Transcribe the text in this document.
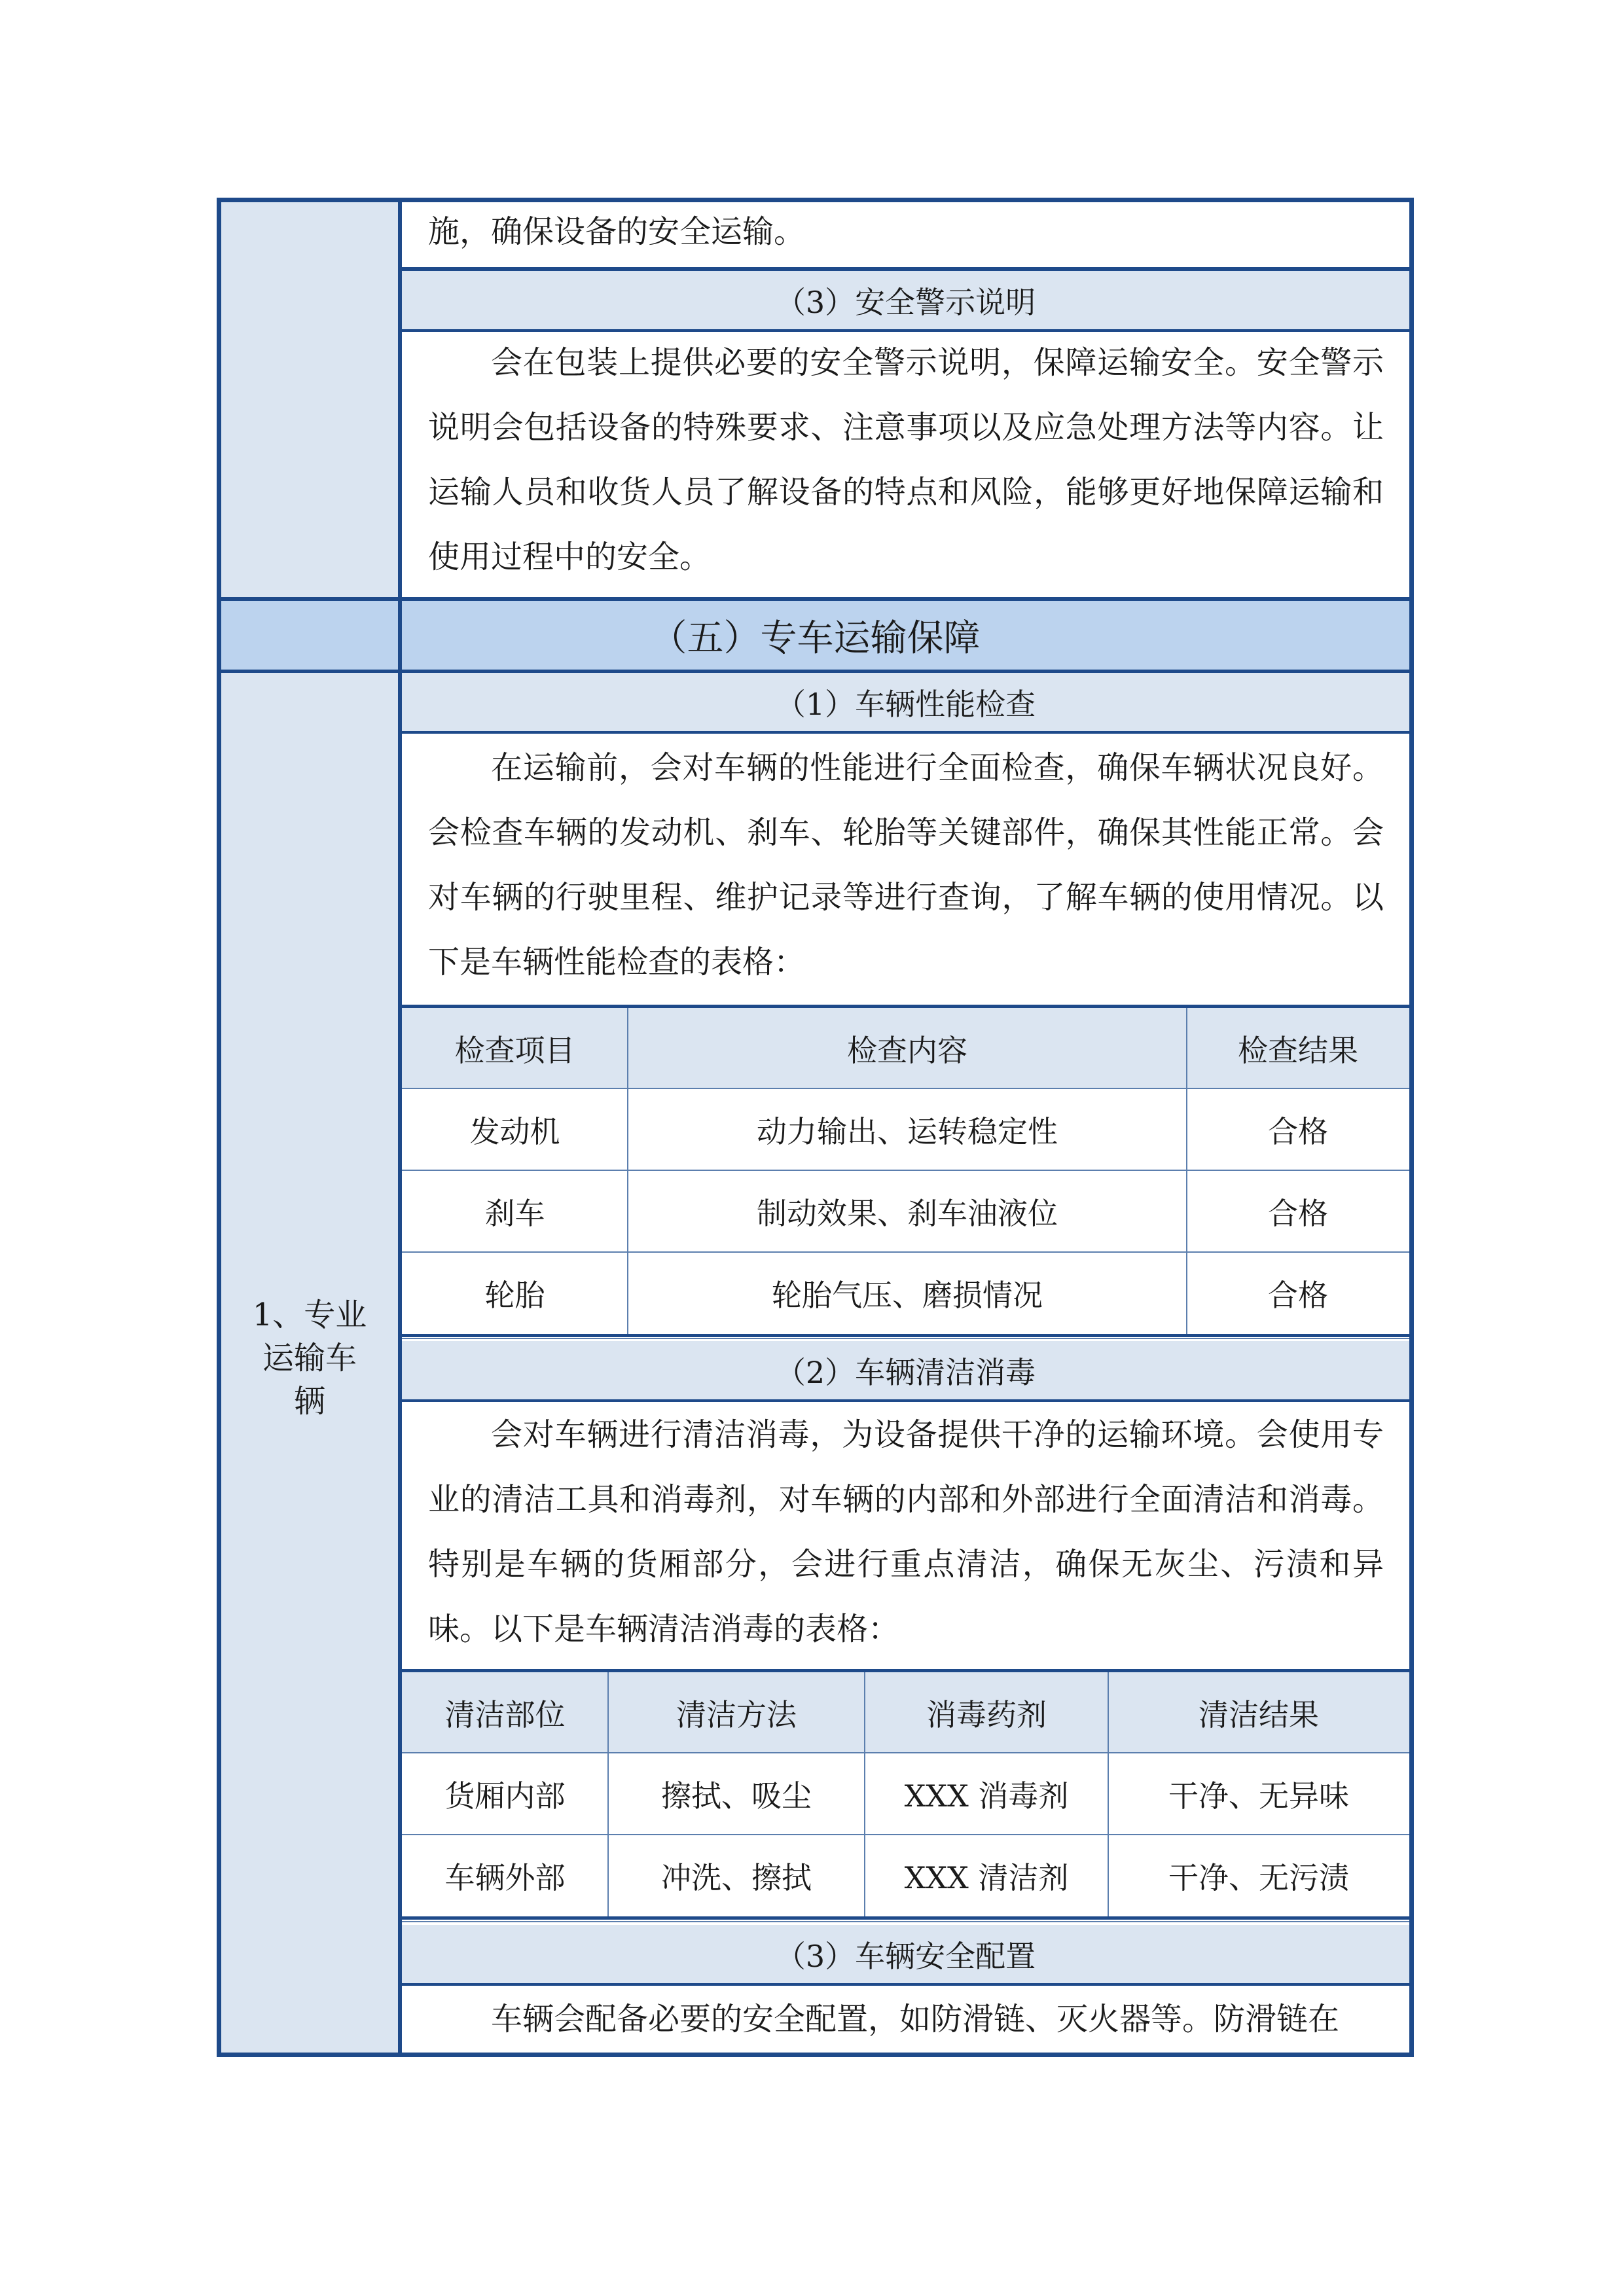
（3）安全警示说明
（五）专车运输保障
（1）车辆性能检查
（2）车辆清洁消毒
（3）车辆安全配置
施，确保设备的安全运输。
会在包装上提供必要的安全警示说明，保障运输安全。安全警示说明会包括设备的特殊要求、注意事项以及应急处理方法等内容。让运输人员和收货人员了解设备的特点和风险，能够更好地保障运输和使用过程中的安全。
在运输前，会对车辆的性能进行全面检查，确保车辆状况良好。会检查车辆的发动机、刹车、轮胎等关键部件，确保其性能正常。会对车辆的行驶里程、维护记录等进行查询，了解车辆的使用情况。以下是车辆性能检查的表格：
会对车辆进行清洁消毒，为设备提供干净的运输环境。会使用专业的清洁工具和消毒剂，对车辆的内部和外部进行全面清洁和消毒。特别是车辆的货厢部分，会进行重点清洁，确保无灰尘、污渍和异味。以下是车辆清洁消毒的表格：
车辆会配备必要的安全配置，如防滑链、灭火器等。防滑链在
1、专业
运输车
辆
检查项目	检查内容	检查结果
发动机	动力输出、运转稳定性	合格
刹车	制动效果、刹车油液位	合格
轮胎	轮胎气压、磨损情况	合格
清洁部位	清洁方法	消毒药剂	清洁结果
货厢内部	擦拭、吸尘	XXX 消毒剂	干净、无异味
车辆外部	冲洗、擦拭	XXX 清洁剂	干净、无污渍
